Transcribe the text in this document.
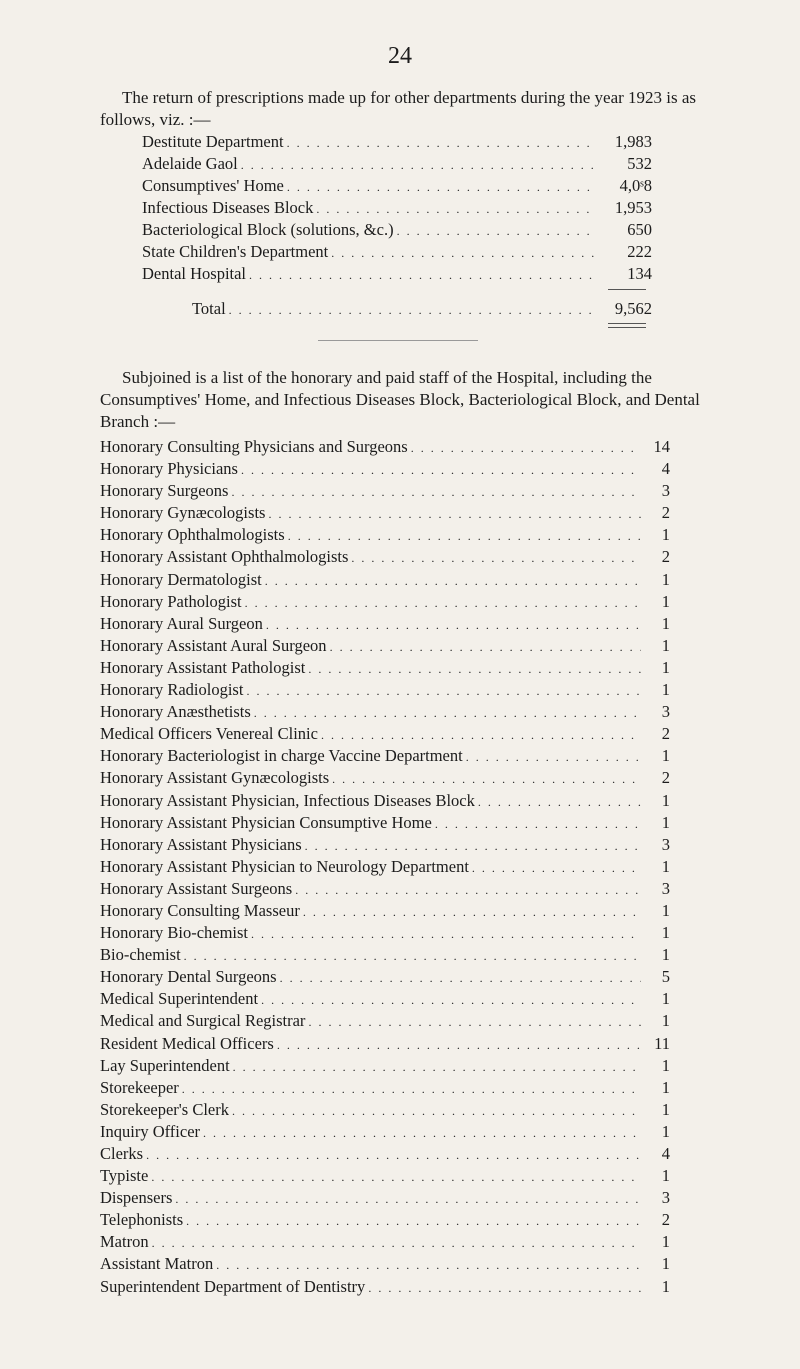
24

The return of prescriptions made up for other departments during the year 1923 is as follows, viz. :—

Destitute Department . . .	1,983
Adelaide Gaol . . .	532
Consumptives' Home . . .	4,0ˢ8
Infectious Diseases Block . . .	1,953
Bacteriological Block (solutions, &c.) . . .	650
State Children's Department . . .	222
Dental Hospital . . .	134
Total . . .	9,562

Subjoined is a list of the honorary and paid staff of the Hospital, including the Consumptives' Home, and Infectious Diseases Block, Bacteriological Block, and Dental Branch :—

Honorary Consulting Physicians and Surgeons . . .	14
Honorary Physicians . . .	4
Honorary Surgeons . . .	3
Honorary Gynæcologists . . .	2
Honorary Ophthalmologists . . .	1
Honorary Assistant Ophthalmologists . . .	2
Honorary Dermatologist . . .	1
Honorary Pathologist . . .	1
Honorary Aural Surgeon . . .	1
Honorary Assistant Aural Surgeon . . .	1
Honorary Assistant Pathologist . . .	1
Honorary Radiologist . . .	1
Honorary Anæsthetists . . .	3
Medical Officers Venereal Clinic . . .	2
Honorary Bacteriologist in charge Vaccine Department . . .	1
Honorary Assistant Gynæcologists . . .	2
Honorary Assistant Physician, Infectious Diseases Block . . .	1
Honorary Assistant Physician Consumptive Home . . .	1
Honorary Assistant Physicians . . .	3
Honorary Assistant Physician to Neurology Department . . .	1
Honorary Assistant Surgeons . . .	3
Honorary Consulting Masseur . . .	1
Honorary Bio-chemist . . .	1
Bio-chemist . . .	1
Honorary Dental Surgeons . . .	5
Medical Superintendent . . .	1
Medical and Surgical Registrar . . .	1
Resident Medical Officers . . .	11
Lay Superintendent . . .	1
Storekeeper . . .	1
Storekeeper's Clerk . . .	1
Inquiry Officer . . .	1
Clerks . . .	4
Typiste . . .	1
Dispensers . . .	3
Telephonists . . .	2
Matron . . .	1
Assistant Matron . . .	1
Superintendent Department of Dentistry . . .	1
